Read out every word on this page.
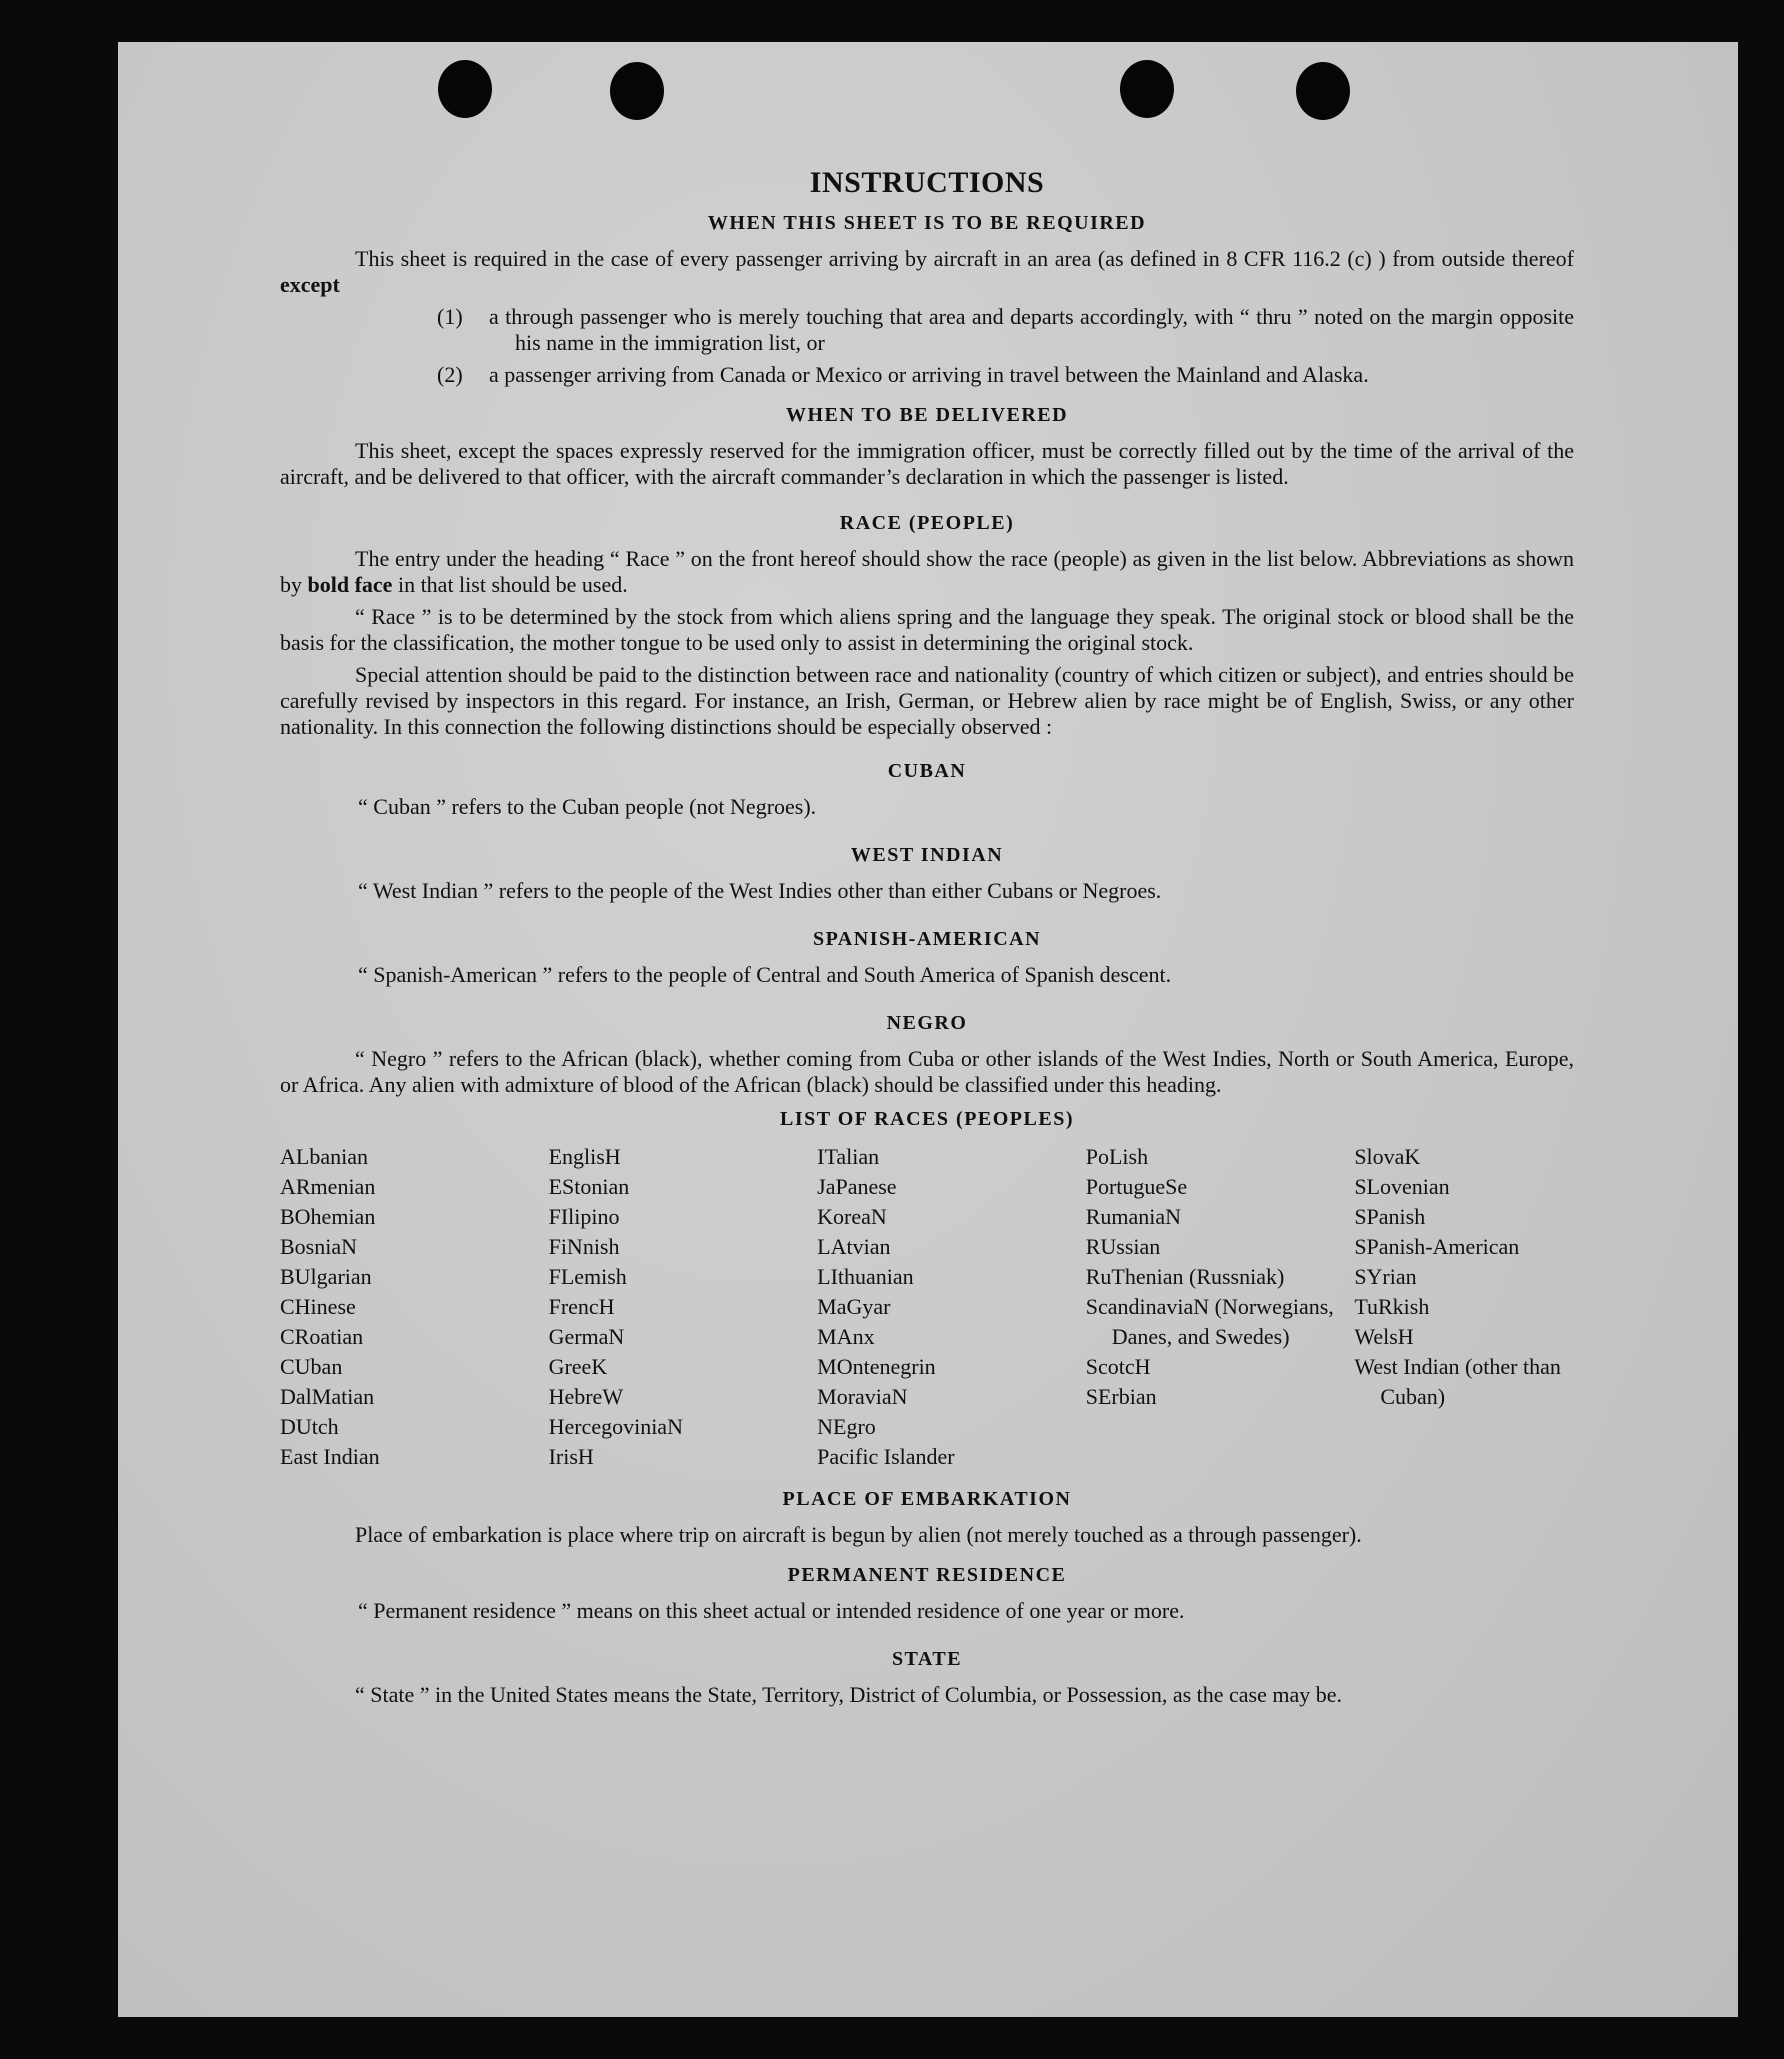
INSTRUCTIONS
WHEN THIS SHEET IS TO BE REQUIRED
This sheet is required in the case of every passenger arriving by aircraft in an area (as defined in 8 CFR 116.2 (c) ) from outside thereof except
(1)	a through passenger who is merely touching that area and departs accordingly, with “ thru ” noted on the margin opposite his name in the immigration list, or
(2)	a passenger arriving from Canada or Mexico or arriving in travel between the Mainland and Alaska.
WHEN TO BE DELIVERED
This sheet, except the spaces expressly reserved for the immigration officer, must be correctly filled out by the time of the arrival of the aircraft, and be delivered to that officer, with the aircraft commander’s declaration in which the passenger is listed.
RACE (PEOPLE)
The entry under the heading “ Race ” on the front hereof should show the race (people) as given in the list below. Abbreviations as shown by bold face in that list should be used.
“ Race ” is to be determined by the stock from which aliens spring and the language they speak. The original stock or blood shall be the basis for the classification, the mother tongue to be used only to assist in determining the original stock.
Special attention should be paid to the distinction between race and nationality (country of which citizen or subject), and entries should be carefully revised by inspectors in this regard. For instance, an Irish, German, or Hebrew alien by race might be of English, Swiss, or any other nationality. In this connection the following distinctions should be especially observed :
CUBAN
“ Cuban ” refers to the Cuban people (not Negroes).
WEST INDIAN
“ West Indian ” refers to the people of the West Indies other than either Cubans or Negroes.
SPANISH-AMERICAN
“ Spanish-American ” refers to the people of Central and South America of Spanish descent.
NEGRO
“ Negro ” refers to the African (black), whether coming from Cuba or other islands of the West Indies, North or South America, Europe, or Africa. Any alien with admixture of blood of the African (black) should be classified under this heading.
LIST OF RACES (PEOPLES)
ALbanian
ARmenian
BOhemian
BosniaN
BUlgarian
CHinese
CRoatian
CUban
DalMatian
DUtch
East Indian
EnglisH
EStonian
FIlipino
FiNnish
FLemish
FrencH
GermaN
GreeK
HebreW
HercegoviniaN
IrisH
ITalian
JaPanese
KoreaN
LAtvian
LIthuanian
MaGyar
MAnx
MOntenegrin
MoraviaN
NEgro
Pacific Islander
PoLish
PortugueSe
RumaniaN
RUssian
RuThenian (Russniak)
ScandinaviaN (Norwegians, Danes, and Swedes)
ScotcH
SErbian
SlovaK
SLovenian
SPanish
SPanish-American
SYrian
TuRkish
WelsH
West Indian (other than Cuban)
PLACE OF EMBARKATION
Place of embarkation is place where trip on aircraft is begun by alien (not merely touched as a through passenger).
PERMANENT RESIDENCE
“ Permanent residence ” means on this sheet actual or intended residence of one year or more.
STATE
“ State ” in the United States means the State, Territory, District of Columbia, or Possession, as the case may be.
